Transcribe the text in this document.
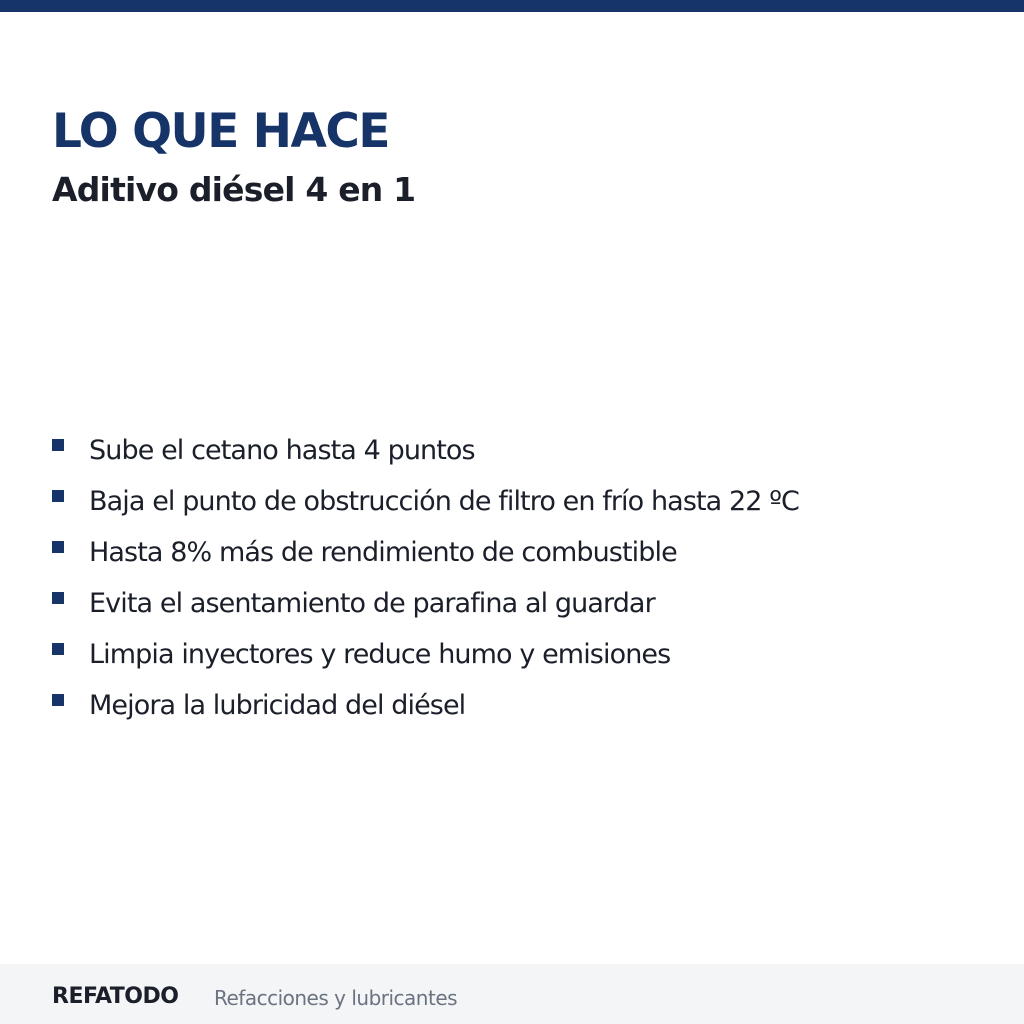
LO QUE HACE
Aditivo diésel 4 en 1
Sube el cetano hasta 4 puntos
Baja el punto de obstrucción de filtro en frío hasta 22 ºC
Hasta 8% más de rendimiento de combustible
Evita el asentamiento de parafina al guardar
Limpia inyectores y reduce humo y emisiones
Mejora la lubricidad del diésel
REFATODO Refacciones y lubricantes
